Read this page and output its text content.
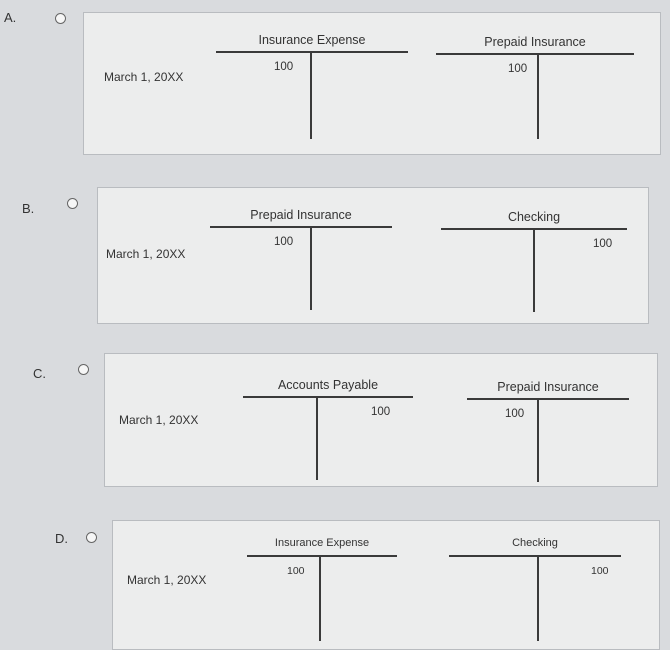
A.
March 1, 20XX
Insurance Expense
100
Prepaid Insurance
100
B.
March 1, 20XX
Prepaid Insurance
100
Checking
100
C.
March 1, 20XX
Accounts Payable
100
Prepaid Insurance
100
D.
March 1, 20XX
Insurance Expense
100
Checking
100
